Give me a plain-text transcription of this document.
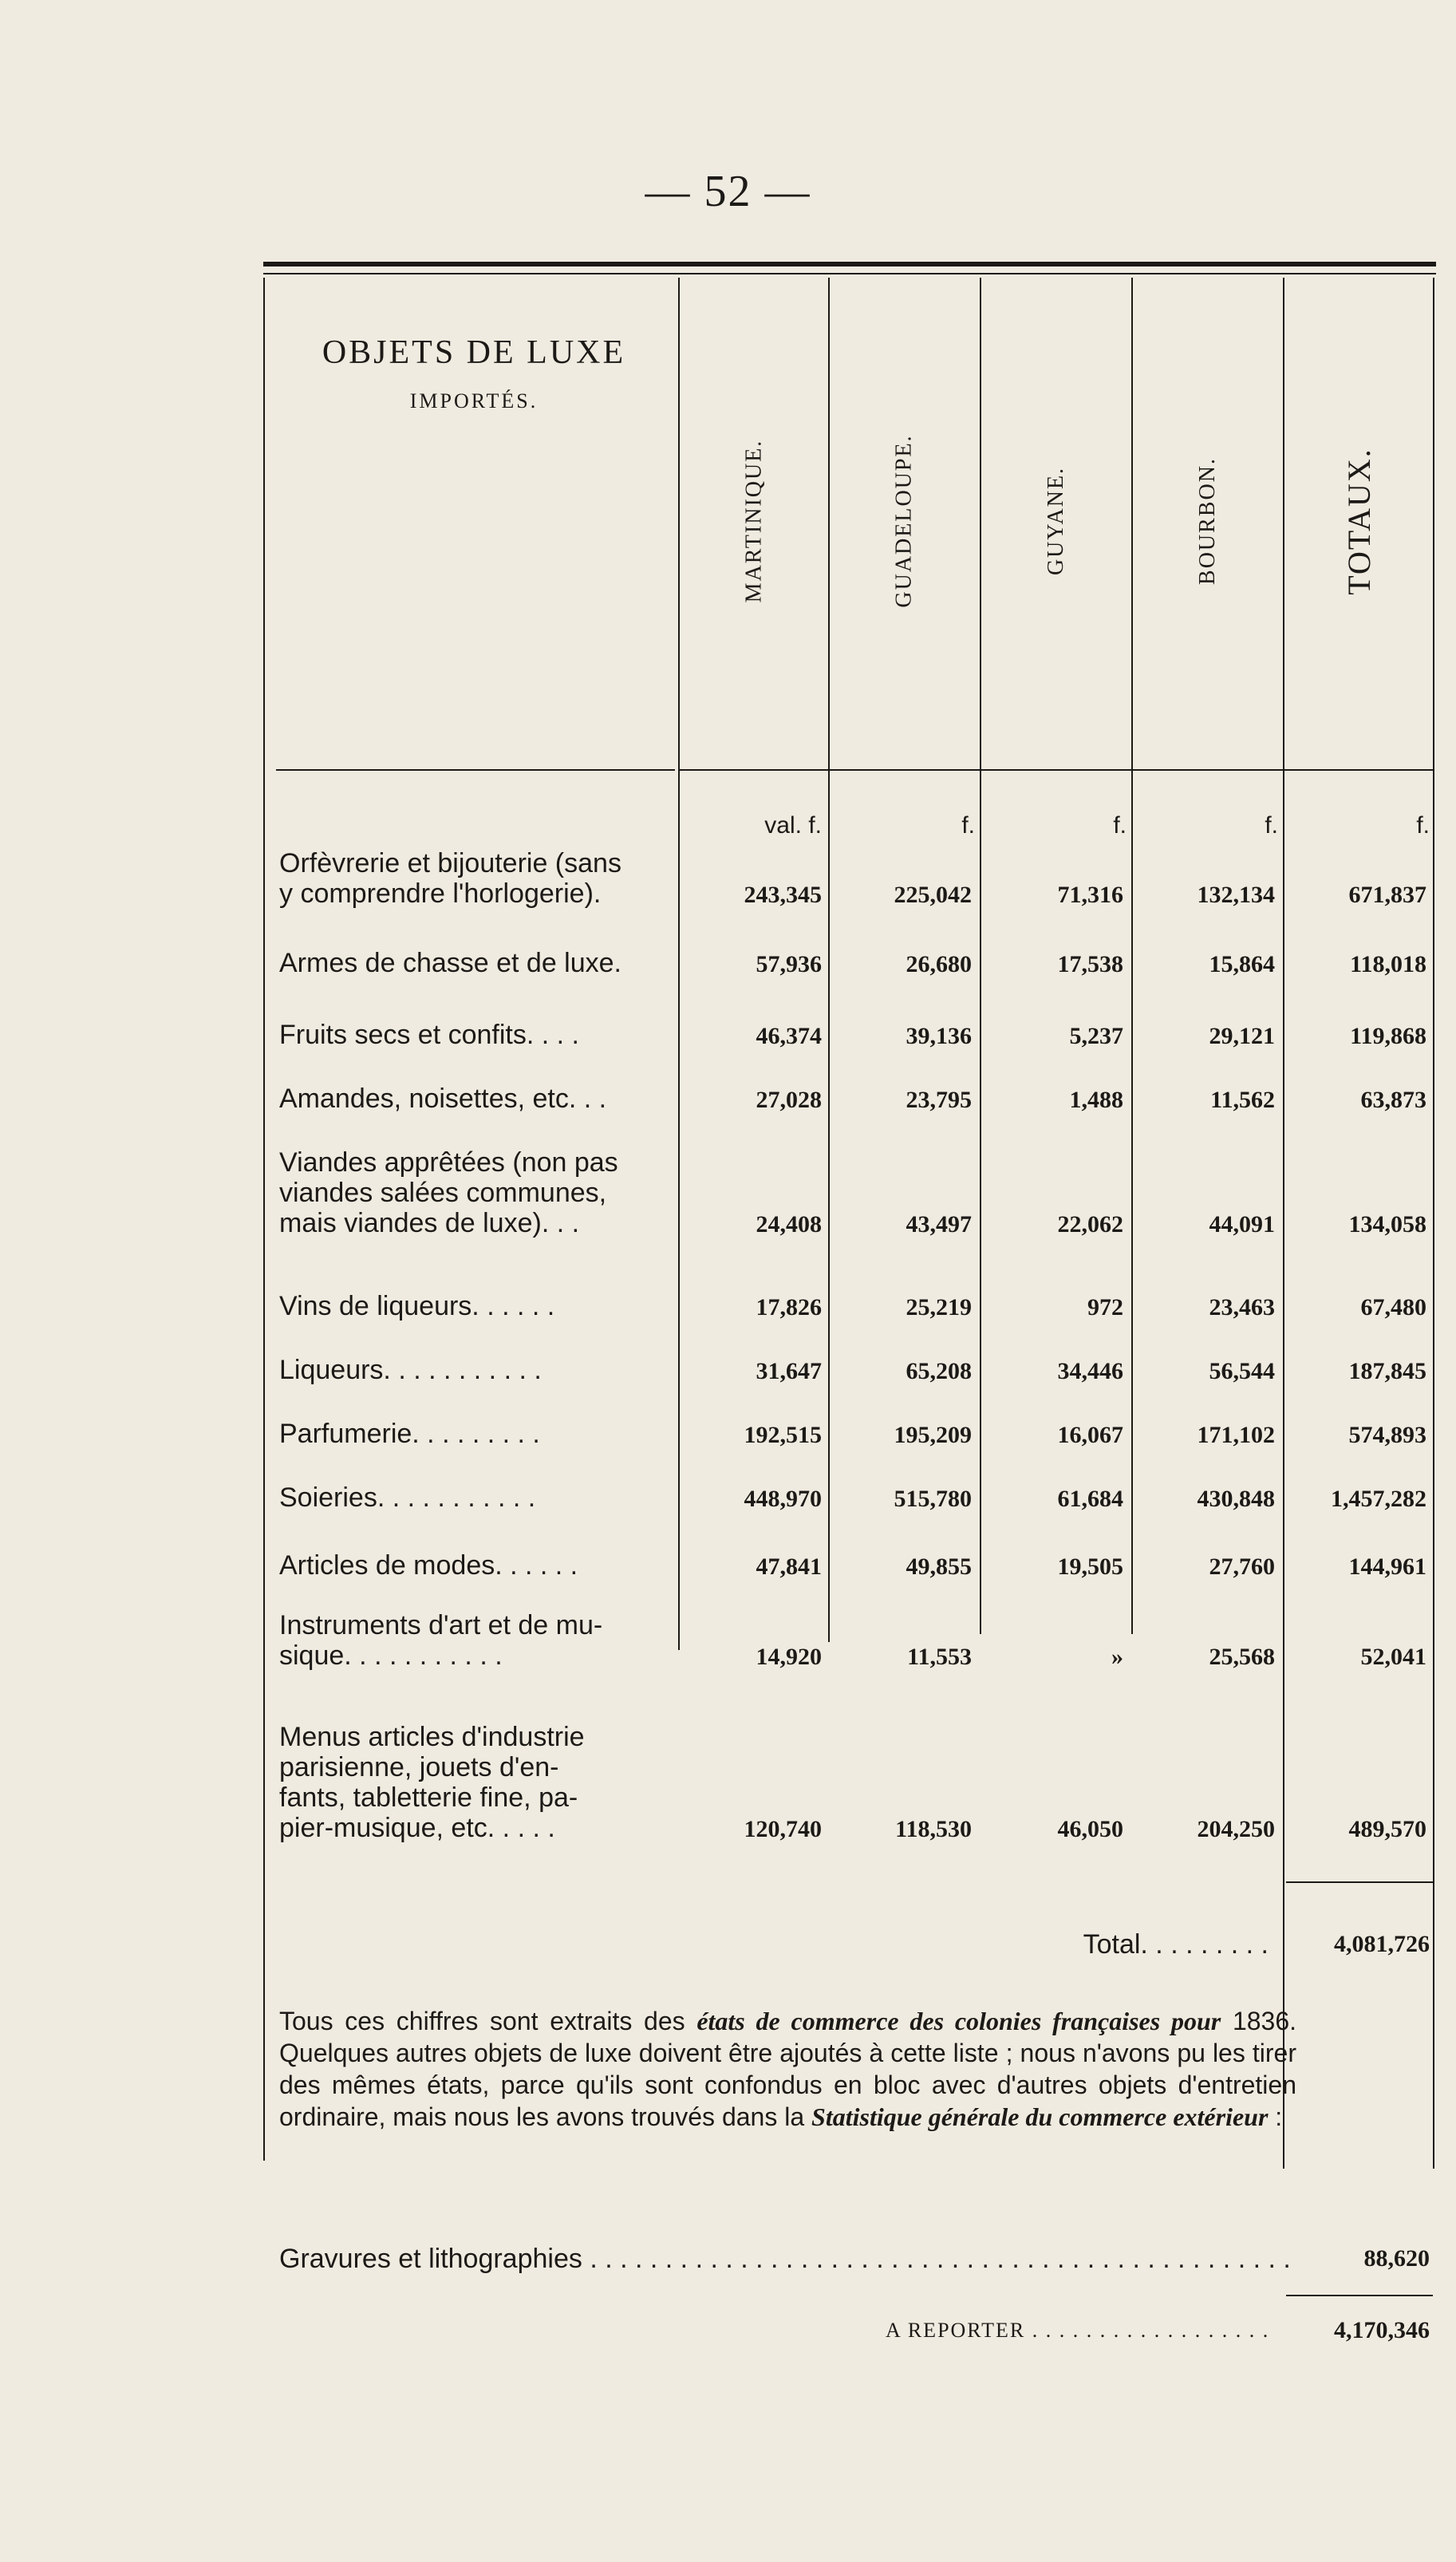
— 52 —
OBJETS DE LUXE
IMPORTÉS.
MARTINIQUE.	GUADELOUPE.	GUYANE.	BOURBON.	TOTAUX.
val. f.	f.	f.	f.	f.
Orfèvrerie et bijouterie (sans
y comprendre l'horlogerie).	243,345	225,042	71,316	132,134	671,837
Armes de chasse et de luxe.	57,936	26,680	17,538	15,864	118,018
Fruits secs et confits. . . .	46,374	39,136	5,237	29,121	119,868
Amandes, noisettes, etc. . .	27,028	23,795	1,488	11,562	63,873
Viandes apprêtées (non pas
viandes salées communes,
mais viandes de luxe). . .	24,408	43,497	22,062	44,091	134,058
Vins de liqueurs. . . . . .	17,826	25,219	972	23,463	67,480
Liqueurs. . . . . . . . . . .	31,647	65,208	34,446	56,544	187,845
Parfumerie. . . . . . . . .	192,515	195,209	16,067	171,102	574,893
Soieries. . . . . . . . . . .	448,970	515,780	61,684	430,848	1,457,282
Articles de modes. . . . . .	47,841	49,855	19,505	27,760	144,961
Instruments d'art et de mu-
sique. . . . . . . . . . .	14,920	11,553	»	25,568	52,041
Menus articles d'industrie
parisienne, jouets d'en-
fants, tabletterie fine, pa-
pier-musique, etc. . . . .	120,740	118,530	46,050	204,250	489,570
Total. . . . . . . . .	4,081,726
Tous ces chiffres sont extraits des états de commerce des colonies françaises pour 1836. Quelques autres objets de luxe doivent être ajoutés à cette liste ; nous n'avons pu les tirer des mêmes états, parce qu'ils sont confondus en bloc avec d'autres objets d'entretien ordinaire, mais nous les avons trouvés dans la Statistique générale du commerce extérieur :
Gravures et lithographies . . .	88,620
A REPORTER . . .	4,170,346
